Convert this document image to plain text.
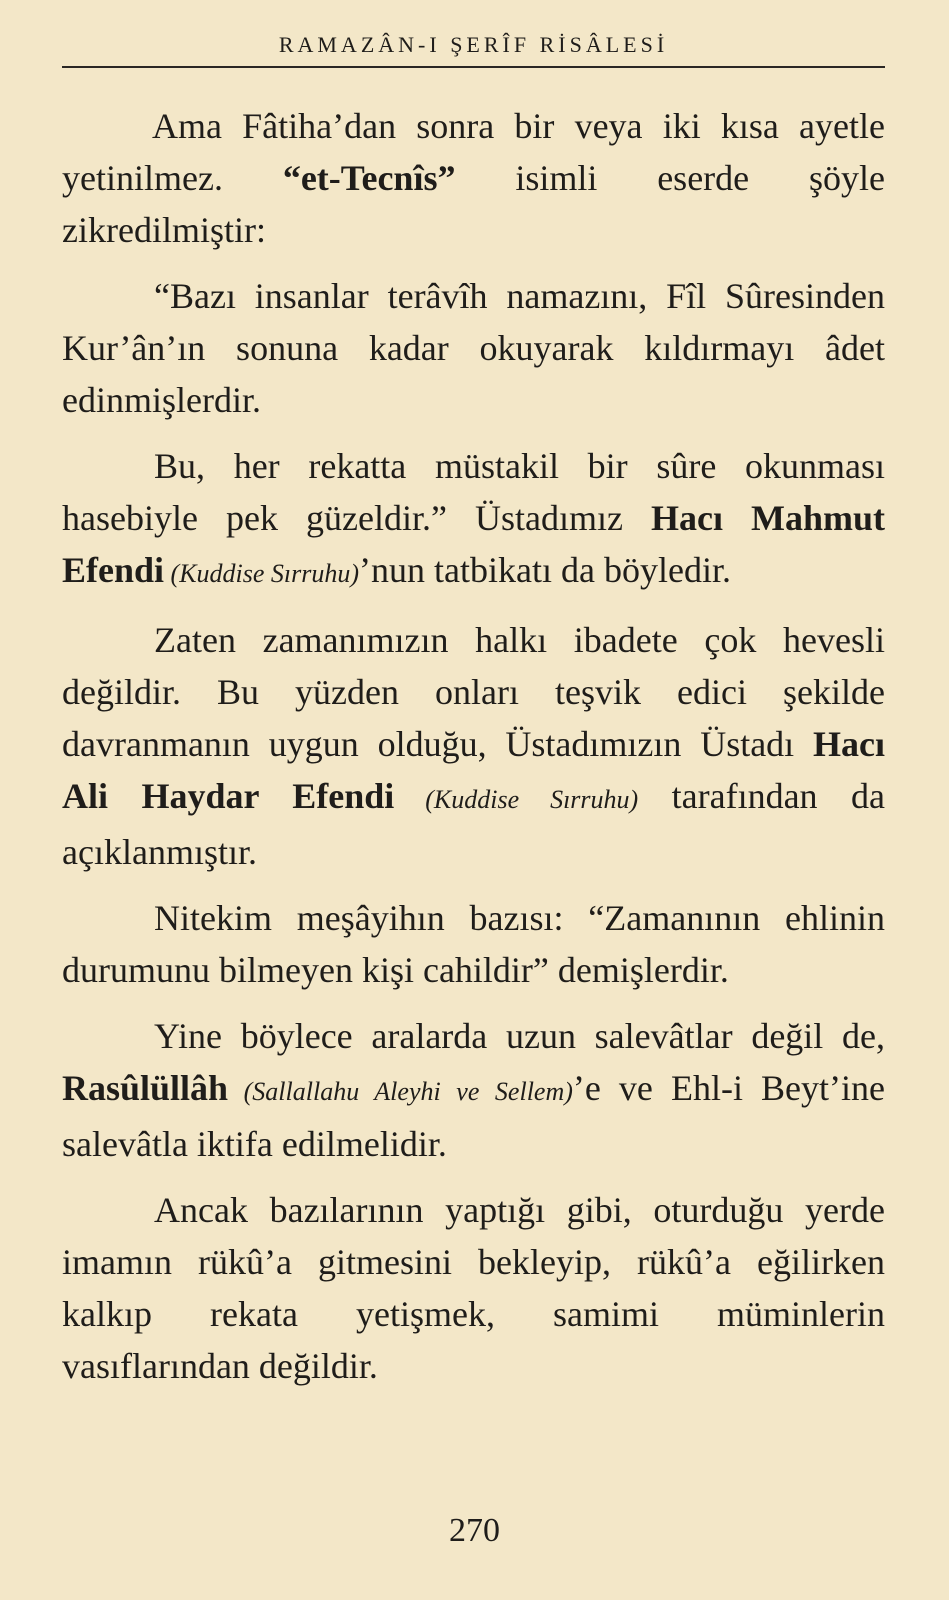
RAMAZÂN-I ŞERÎF RİSÂLESİ

Ama Fâtiha’dan sonra bir veya iki kısa ayetle yetinilmez. “et-Tecnîs” isimli eserde şöyle zikredilmiştir:

“Bazı insanlar terâvîh namazını, Fîl Sûresinden Kur’ân’ın sonuna kadar okuyarak kıldırmayı âdet edinmişlerdir.

Bu, her rekatta müstakil bir sûre okunması hasebiyle pek güzeldir.” Üstadımız Hacı Mahmut Efendi (Kuddise Sırruhu)’nun tatbikatı da böyledir.

Zaten zamanımızın halkı ibadete çok hevesli değildir. Bu yüzden onları teşvik edici şekilde davranmanın uygun olduğu, Üstadımızın Üstadı Hacı Ali Haydar Efendi (Kuddise Sırruhu) tarafından da açıklanmıştır.

Nitekim meşâyihın bazısı: “Zamanının ehlinin durumunu bilmeyen kişi cahildir” demişlerdir.

Yine böylece aralarda uzun salevâtlar değil de, Rasûlüllâh (Sallallahu Aleyhi ve Sellem)’e ve Ehl-i Beyt’ine salevâtla iktifa edilmelidir.

Ancak bazılarının yaptığı gibi, oturduğu yerde imamın rükû’a gitmesini bekleyip, rükû’a eğilirken kalkıp rekata yetişmek, samimi müminlerin vasıflarından değildir.

270
